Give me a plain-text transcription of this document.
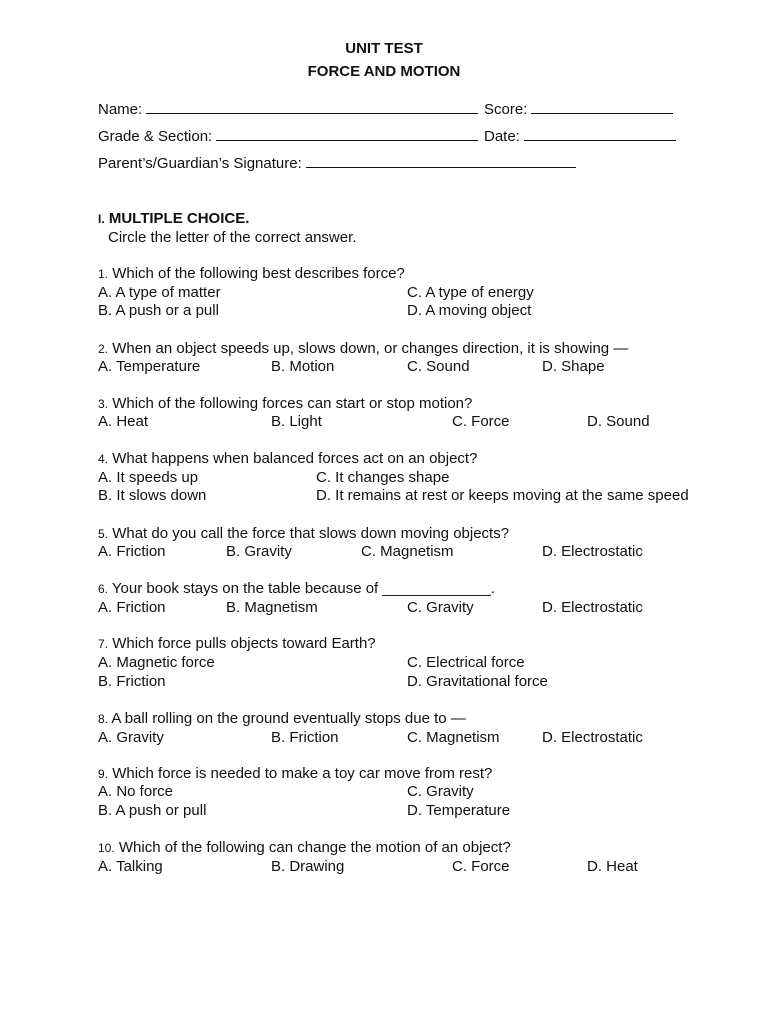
UNIT TEST
FORCE AND MOTION
Name:	Score:
Grade & Section:	Date:
Parent’s/Guardian’s Signature:
I. MULTIPLE CHOICE.
Circle the letter of the correct answer.
1. Which of the following best describes force?
A. A type of matter
B. A push or a pull
C. A type of energy
D. A moving object
2. When an object speeds up, slows down, or changes direction, it is showing —
A. Temperature	B. Motion	C. Sound	D. Shape
3. Which of the following forces can start or stop motion?
A. Heat	B. Light	C. Force	D. Sound
4. What happens when balanced forces act on an object?
A. It speeds up
B. It slows down
C. It changes shape
D. It remains at rest or keeps moving at the same speed
5. What do you call the force that slows down moving objects?
A. Friction	B. Gravity	C. Magnetism	D. Electrostatic
6. Your book stays on the table because of _____________.
A. Friction	B. Magnetism	C. Gravity	D. Electrostatic
7. Which force pulls objects toward Earth?
A. Magnetic force
B. Friction
C. Electrical force
D. Gravitational force
8. A ball rolling on the ground eventually stops due to —
A. Gravity	B. Friction	C. Magnetism	D. Electrostatic
9. Which force is needed to make a toy car move from rest?
A. No force
B. A push or pull
C. Gravity
D. Temperature
10. Which of the following can change the motion of an object?
A. Talking	B. Drawing	C. Force	D. Heat
